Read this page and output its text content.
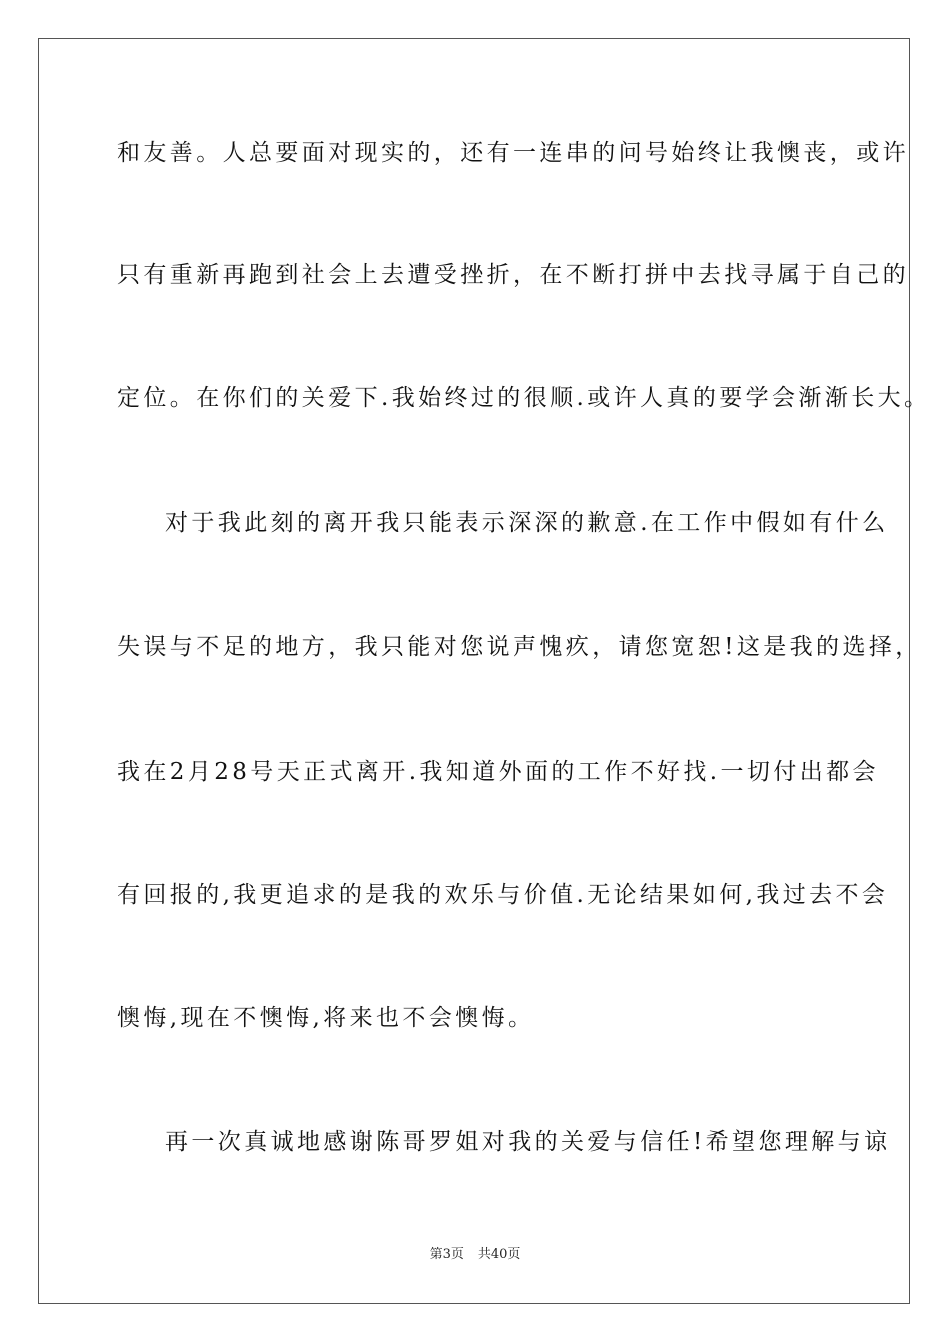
和友善。人总要面对现实的，还有一连串的问号始终让我懊丧，或许
只有重新再跑到社会上去遭受挫折，在不断打拼中去找寻属于自己的
定位。在你们的关爱下.我始终过的很顺.或许人真的要学会渐渐长大。
对于我此刻的离开我只能表示深深的歉意.在工作中假如有什么
失误与不足的地方，我只能对您说声愧疚，请您宽恕!这是我的选择，
我在2月28号天正式离开.我知道外面的工作不好找.一切付出都会
有回报的,我更追求的是我的欢乐与价值.无论结果如何,我过去不会
懊悔,现在不懊悔,将来也不会懊悔。
再一次真诚地感谢陈哥罗姐对我的关爱与信任!希望您理解与谅
第3页 共40页
